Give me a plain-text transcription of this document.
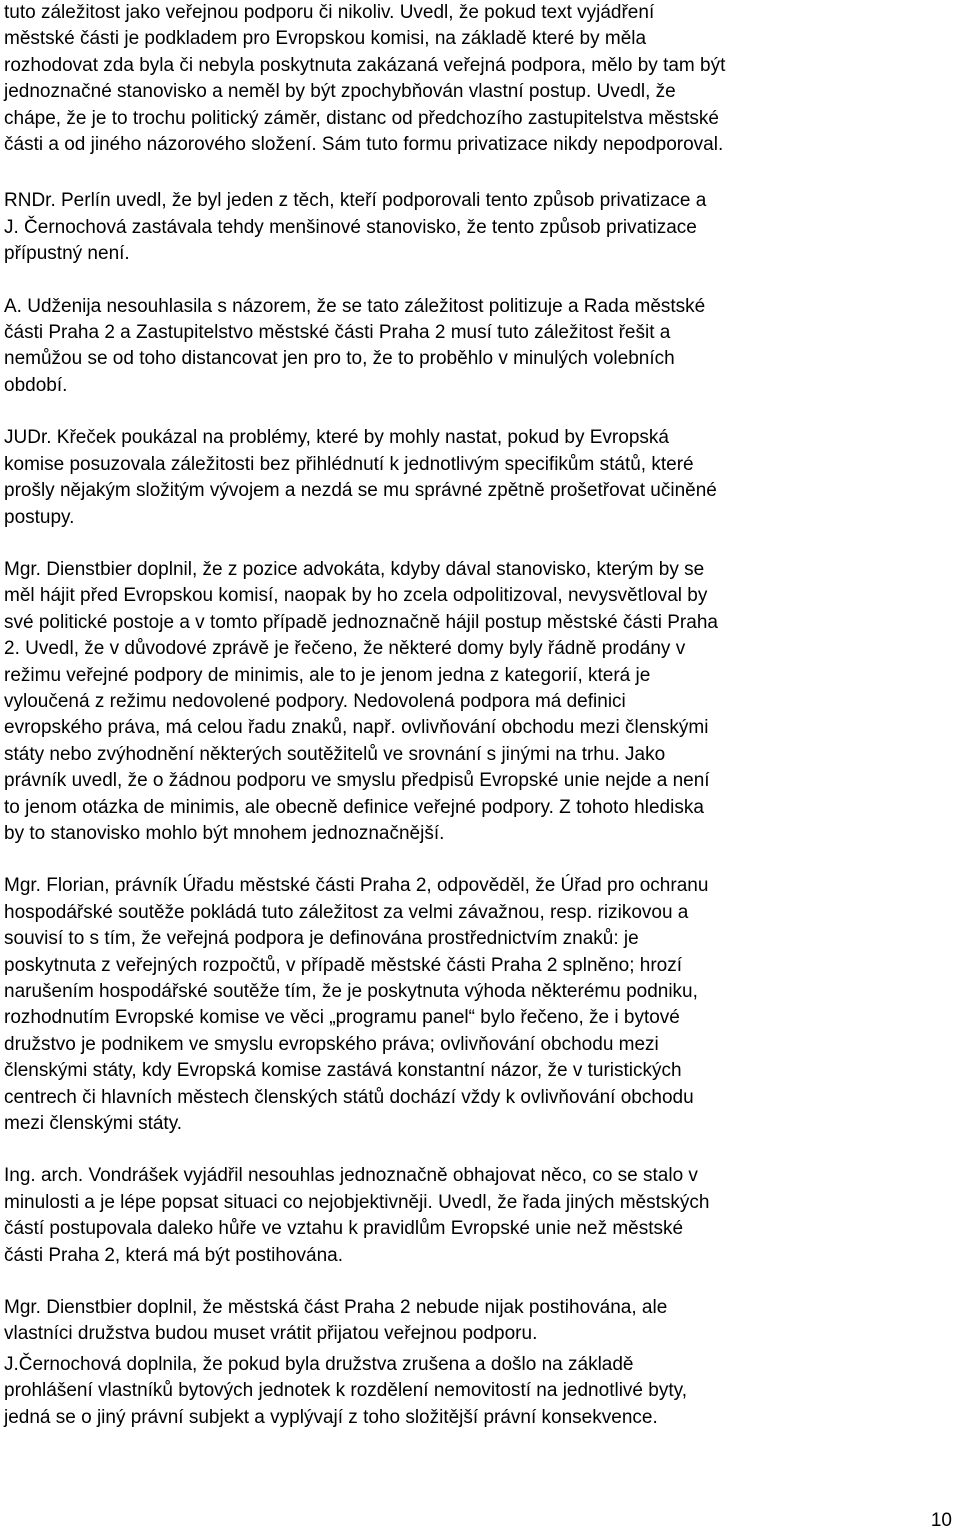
tuto záležitost jako veřejnou podporu či nikoliv. Uvedl, že pokud text vyjádření
městské části je podkladem pro Evropskou komisi, na základě které by měla
rozhodovat zda byla či nebyla poskytnuta zakázaná veřejná podpora, mělo by tam být
jednoznačné stanovisko a neměl by být zpochybňován vlastní postup. Uvedl, že
chápe, že je to trochu politický záměr, distanc od předchozího zastupitelstva městské
části a od jiného názorového složení. Sám tuto formu privatizace nikdy nepodporoval.

RNDr. Perlín uvedl, že byl jeden z těch, kteří podporovali tento způsob privatizace a
J. Černochová zastávala tehdy menšinové stanovisko, že tento způsob privatizace
přípustný není.

A. Udženija nesouhlasila s názorem, že se tato záležitost politizuje a Rada městské
části Praha 2 a Zastupitelstvo městské části Praha 2 musí tuto záležitost řešit a
nemůžou se od toho distancovat jen pro to, že to proběhlo v minulých volebních
období.

JUDr. Křeček poukázal na problémy, které by mohly nastat, pokud by Evropská
komise posuzovala záležitosti bez přihlédnutí k jednotlivým specifikům států, které
prošly nějakým složitým vývojem a nezdá se mu správné zpětně prošetřovat učiněné
postupy.

Mgr. Dienstbier doplnil, že z pozice advokáta, kdyby dával stanovisko, kterým by se
měl hájit před Evropskou komisí, naopak by ho zcela odpolitizoval, nevysvětloval by
své politické postoje a v tomto případě jednoznačně hájil postup městské části Praha
2. Uvedl, že v důvodové zprávě je řečeno, že některé domy byly řádně prodány v
režimu veřejné podpory de minimis, ale to je jenom jedna z kategorií, která je
vyloučená z režimu nedovolené podpory. Nedovolená podpora má definici
evropského práva, má celou řadu znaků, např. ovlivňování obchodu mezi členskými
státy nebo zvýhodnění některých soutěžitelů ve srovnání s jinými na trhu. Jako
právník uvedl, že o žádnou podporu ve smyslu předpisů Evropské unie nejde a není
to jenom otázka de minimis, ale obecně definice veřejné podpory. Z tohoto hlediska
by to stanovisko mohlo být mnohem jednoznačnější.

Mgr. Florian, právník Úřadu městské části Praha 2, odpověděl, že Úřad pro ochranu
hospodářské soutěže pokládá tuto záležitost za velmi závažnou, resp. rizikovou a
souvisí to s tím, že veřejná podpora je definována prostřednictvím znaků: je
poskytnuta z veřejných rozpočtů, v případě městské části Praha 2 splněno; hrozí
narušením hospodářské soutěže tím, že je poskytnuta výhoda některému podniku,
rozhodnutím Evropské komise ve věci „programu panel“ bylo řečeno, že i bytové
družstvo je podnikem ve smyslu evropského práva; ovlivňování obchodu mezi
členskými státy, kdy Evropská komise zastává konstantní názor, že v turistických
centrech či hlavních městech členských států dochází vždy k ovlivňování obchodu
mezi členskými státy.

Ing. arch. Vondrášek vyjádřil nesouhlas jednoznačně obhajovat něco, co se stalo v
minulosti a je lépe popsat situaci co nejobjektivněji. Uvedl, že řada jiných městských
částí postupovala daleko hůře ve vztahu k pravidlům Evropské unie než městské
části Praha 2, která má být postihována.

Mgr. Dienstbier doplnil, že městská část Praha 2 nebude nijak postihována, ale
vlastníci družstva budou muset vrátit přijatou veřejnou podporu.

J.Černochová doplnila, že pokud byla družstva zrušena a došlo na základě
prohlášení vlastníků bytových jednotek k rozdělení nemovitostí na jednotlivé byty,
jedná se o jiný právní subjekt a vyplývají z toho složitější právní konsekvence.

10
